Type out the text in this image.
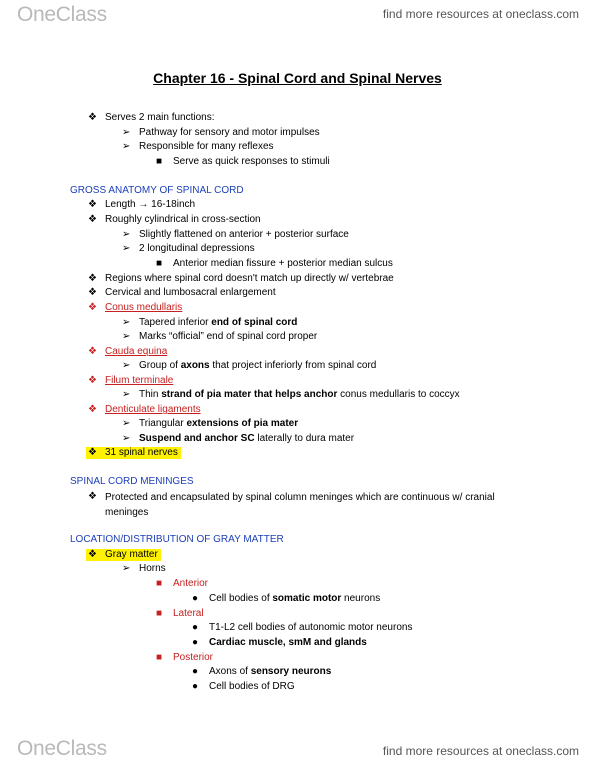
OneClass	find more resources at oneclass.com
Chapter 16 - Spinal Cord and Spinal Nerves
❖ Serves 2 main functions:
➢ Pathway for sensory and motor impulses
➢ Responsible for many reflexes
■ Serve as quick responses to stimuli
GROSS ANATOMY OF SPINAL CORD
❖ Length → 16-18inch
❖ Roughly cylindrical in cross-section
➢ Slightly flattened on anterior + posterior surface
➢ 2 longitudinal depressions
■ Anterior median fissure + posterior median sulcus
❖ Regions where spinal cord doesn't match up directly w/ vertebrae
❖ Cervical and lumbosacral enlargement
❖ Conus medullaris
➢ Tapered inferior end of spinal cord
➢ Marks “official” end of spinal cord proper
❖ Cauda equina
➢ Group of axons that project inferiorly from spinal cord
❖ Filum terminale
➢ Thin strand of pia mater that helps anchor conus medullaris to coccyx
❖ Denticulate ligaments
➢ Triangular extensions of pia mater
➢ Suspend and anchor SC laterally to dura mater
❖ 31 spinal nerves
SPINAL CORD MENINGES
❖ Protected and encapsulated by spinal column meninges which are continuous w/ cranial meninges
LOCATION/DISTRIBUTION OF GRAY MATTER
❖ Gray matter
➢ Horns
■ Anterior
● Cell bodies of somatic motor neurons
■ Lateral
● T1-L2 cell bodies of autonomic motor neurons
● Cardiac muscle, smM and glands
■ Posterior
● Axons of sensory neurons
● Cell bodies of DRG
OneClass	find more resources at oneclass.com
